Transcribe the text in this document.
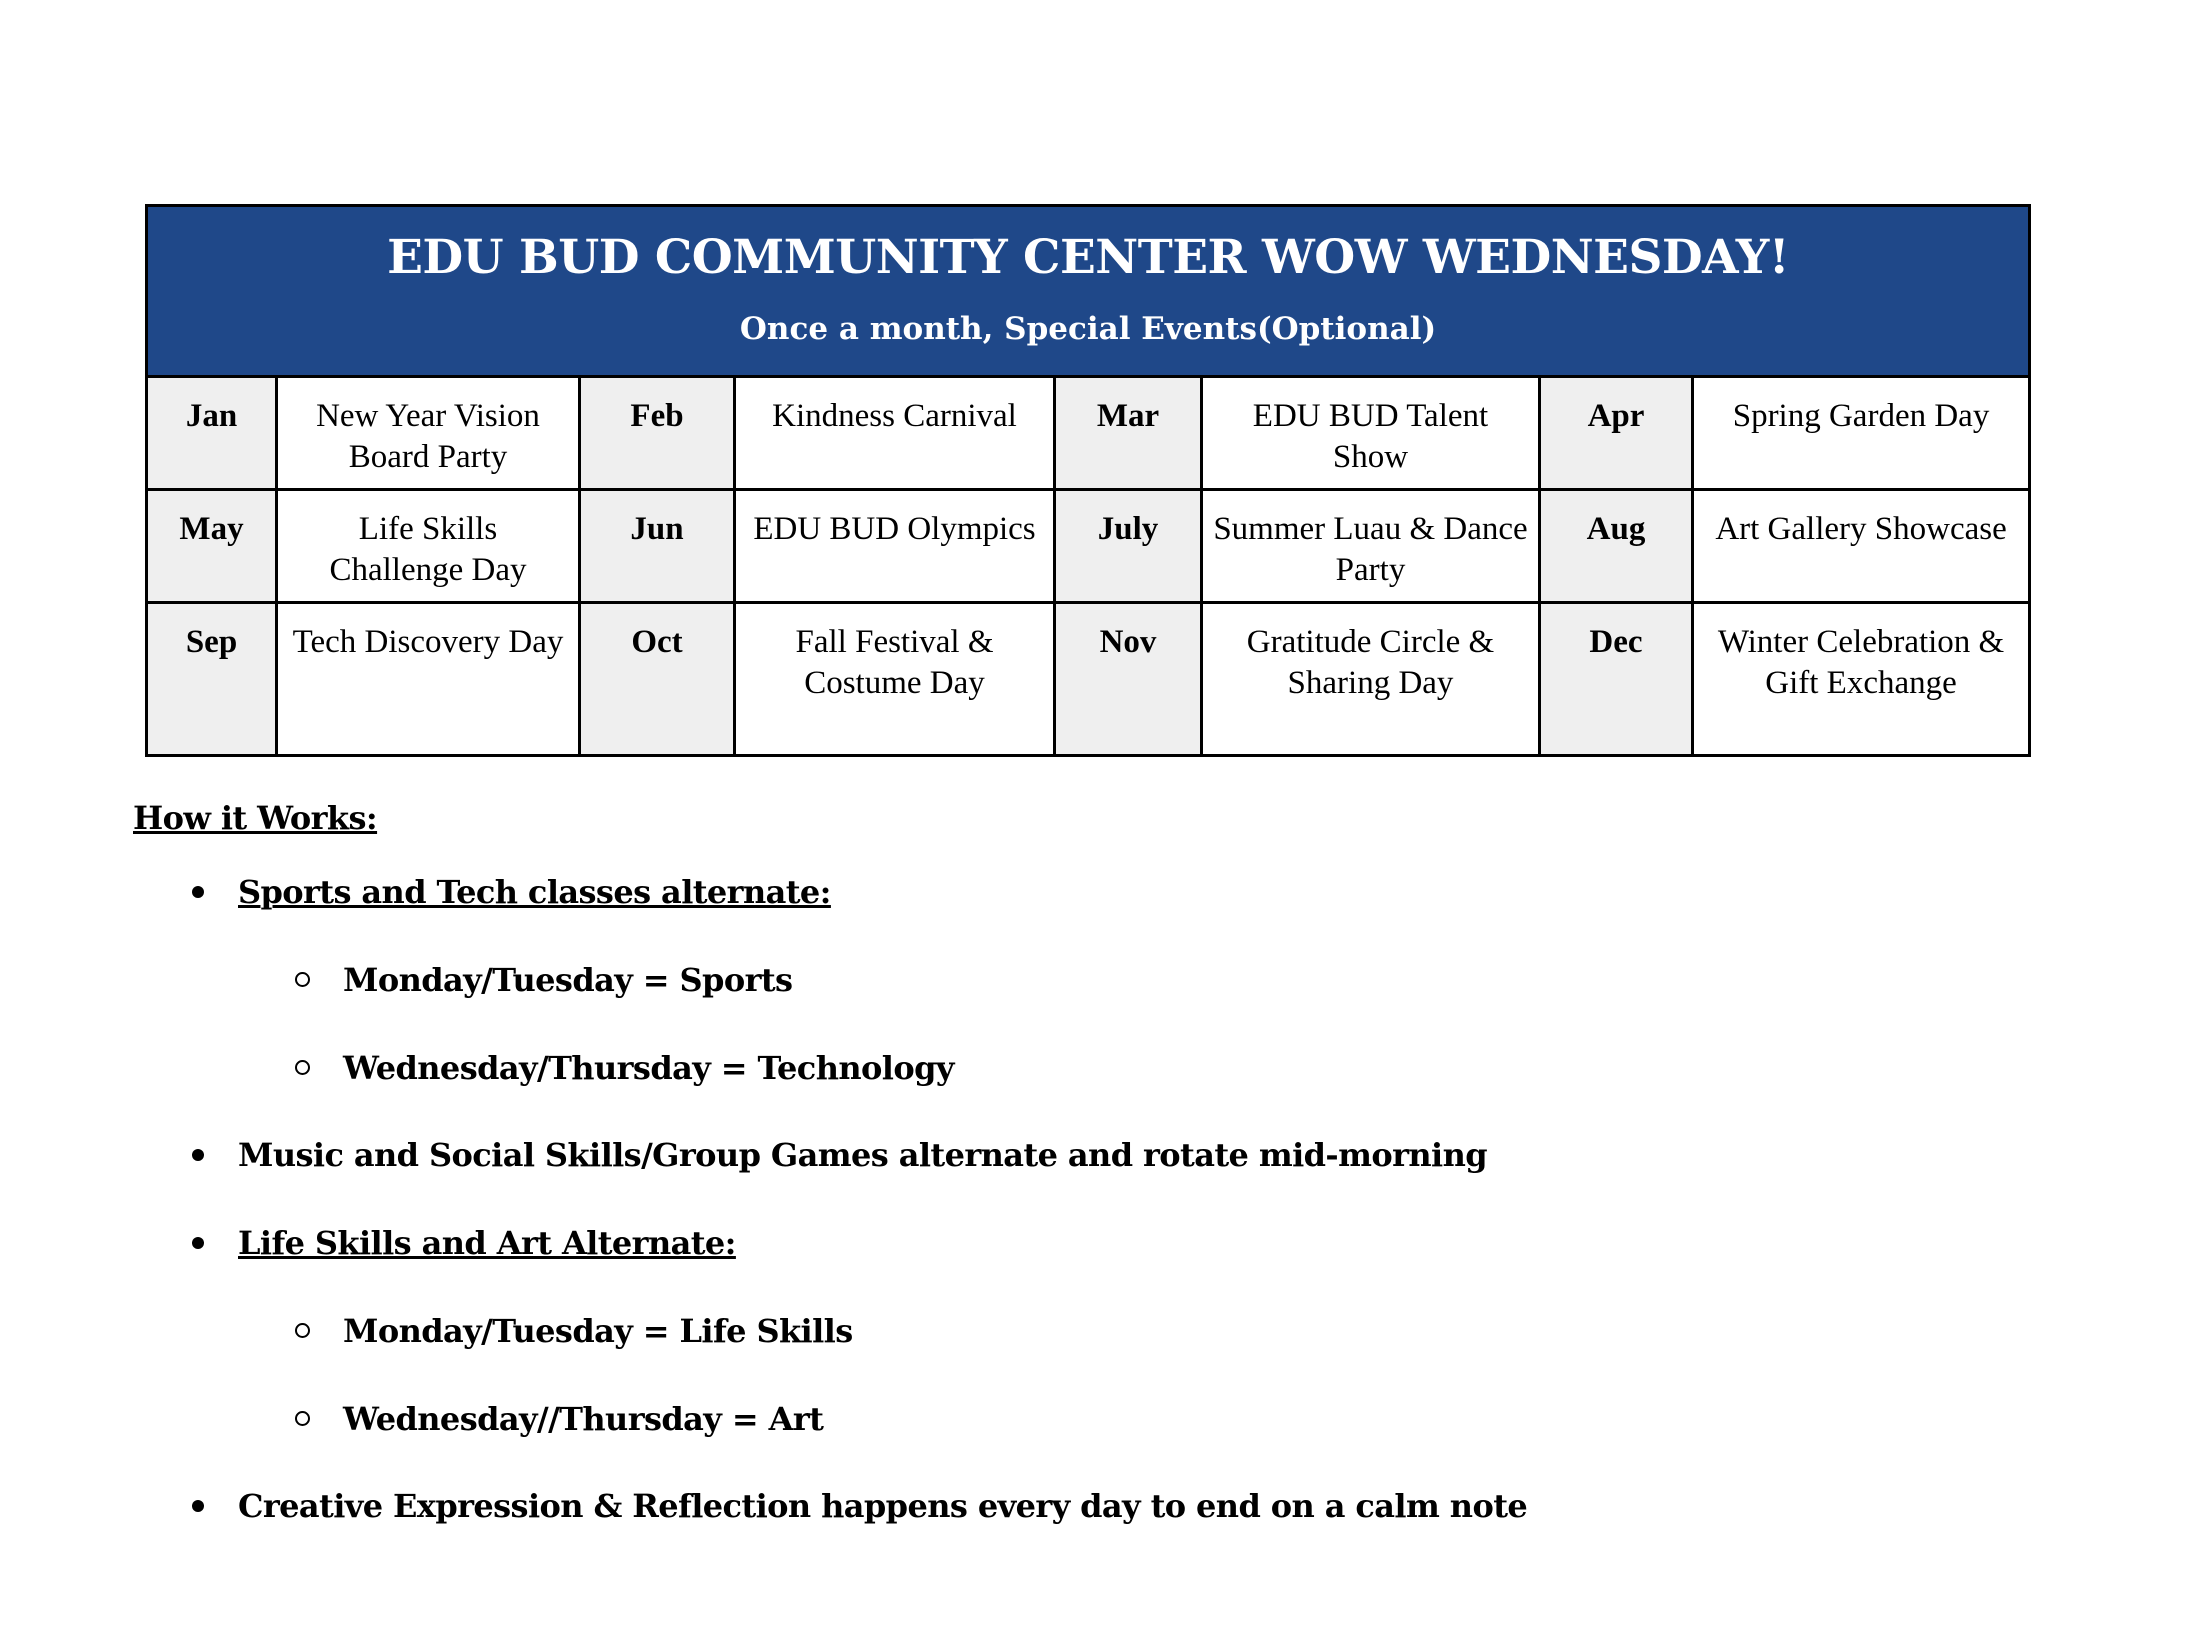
EDU BUD COMMUNITY CENTER WOW WEDNESDAY!
Once a month, Special Events(Optional)							

Jan	New Year Vision Board Party	Feb	Kindness Carnival	Mar	EDU BUD Talent Show	Apr	Spring Garden Day
May	Life Skills Challenge Day	Jun	EDU BUD Olympics	July	Summer Luau & Dance Party	Aug	Art Gallery Showcase
Sep	Tech Discovery Day	Oct	Fall Festival & Costume Day	Nov	Gratitude Circle & Sharing Day	Dec	Winter Celebration & Gift Exchange
How it Works:
Sports and Tech classes alternate:
Monday/Tuesday = Sports
Wednesday/Thursday = Technology
Music and Social Skills/Group Games alternate and rotate mid-morning
Life Skills and Art Alternate:
Monday/Tuesday = Life Skills
Wednesday//Thursday = Art
Creative Expression & Reflection happens every day to end on a calm note
